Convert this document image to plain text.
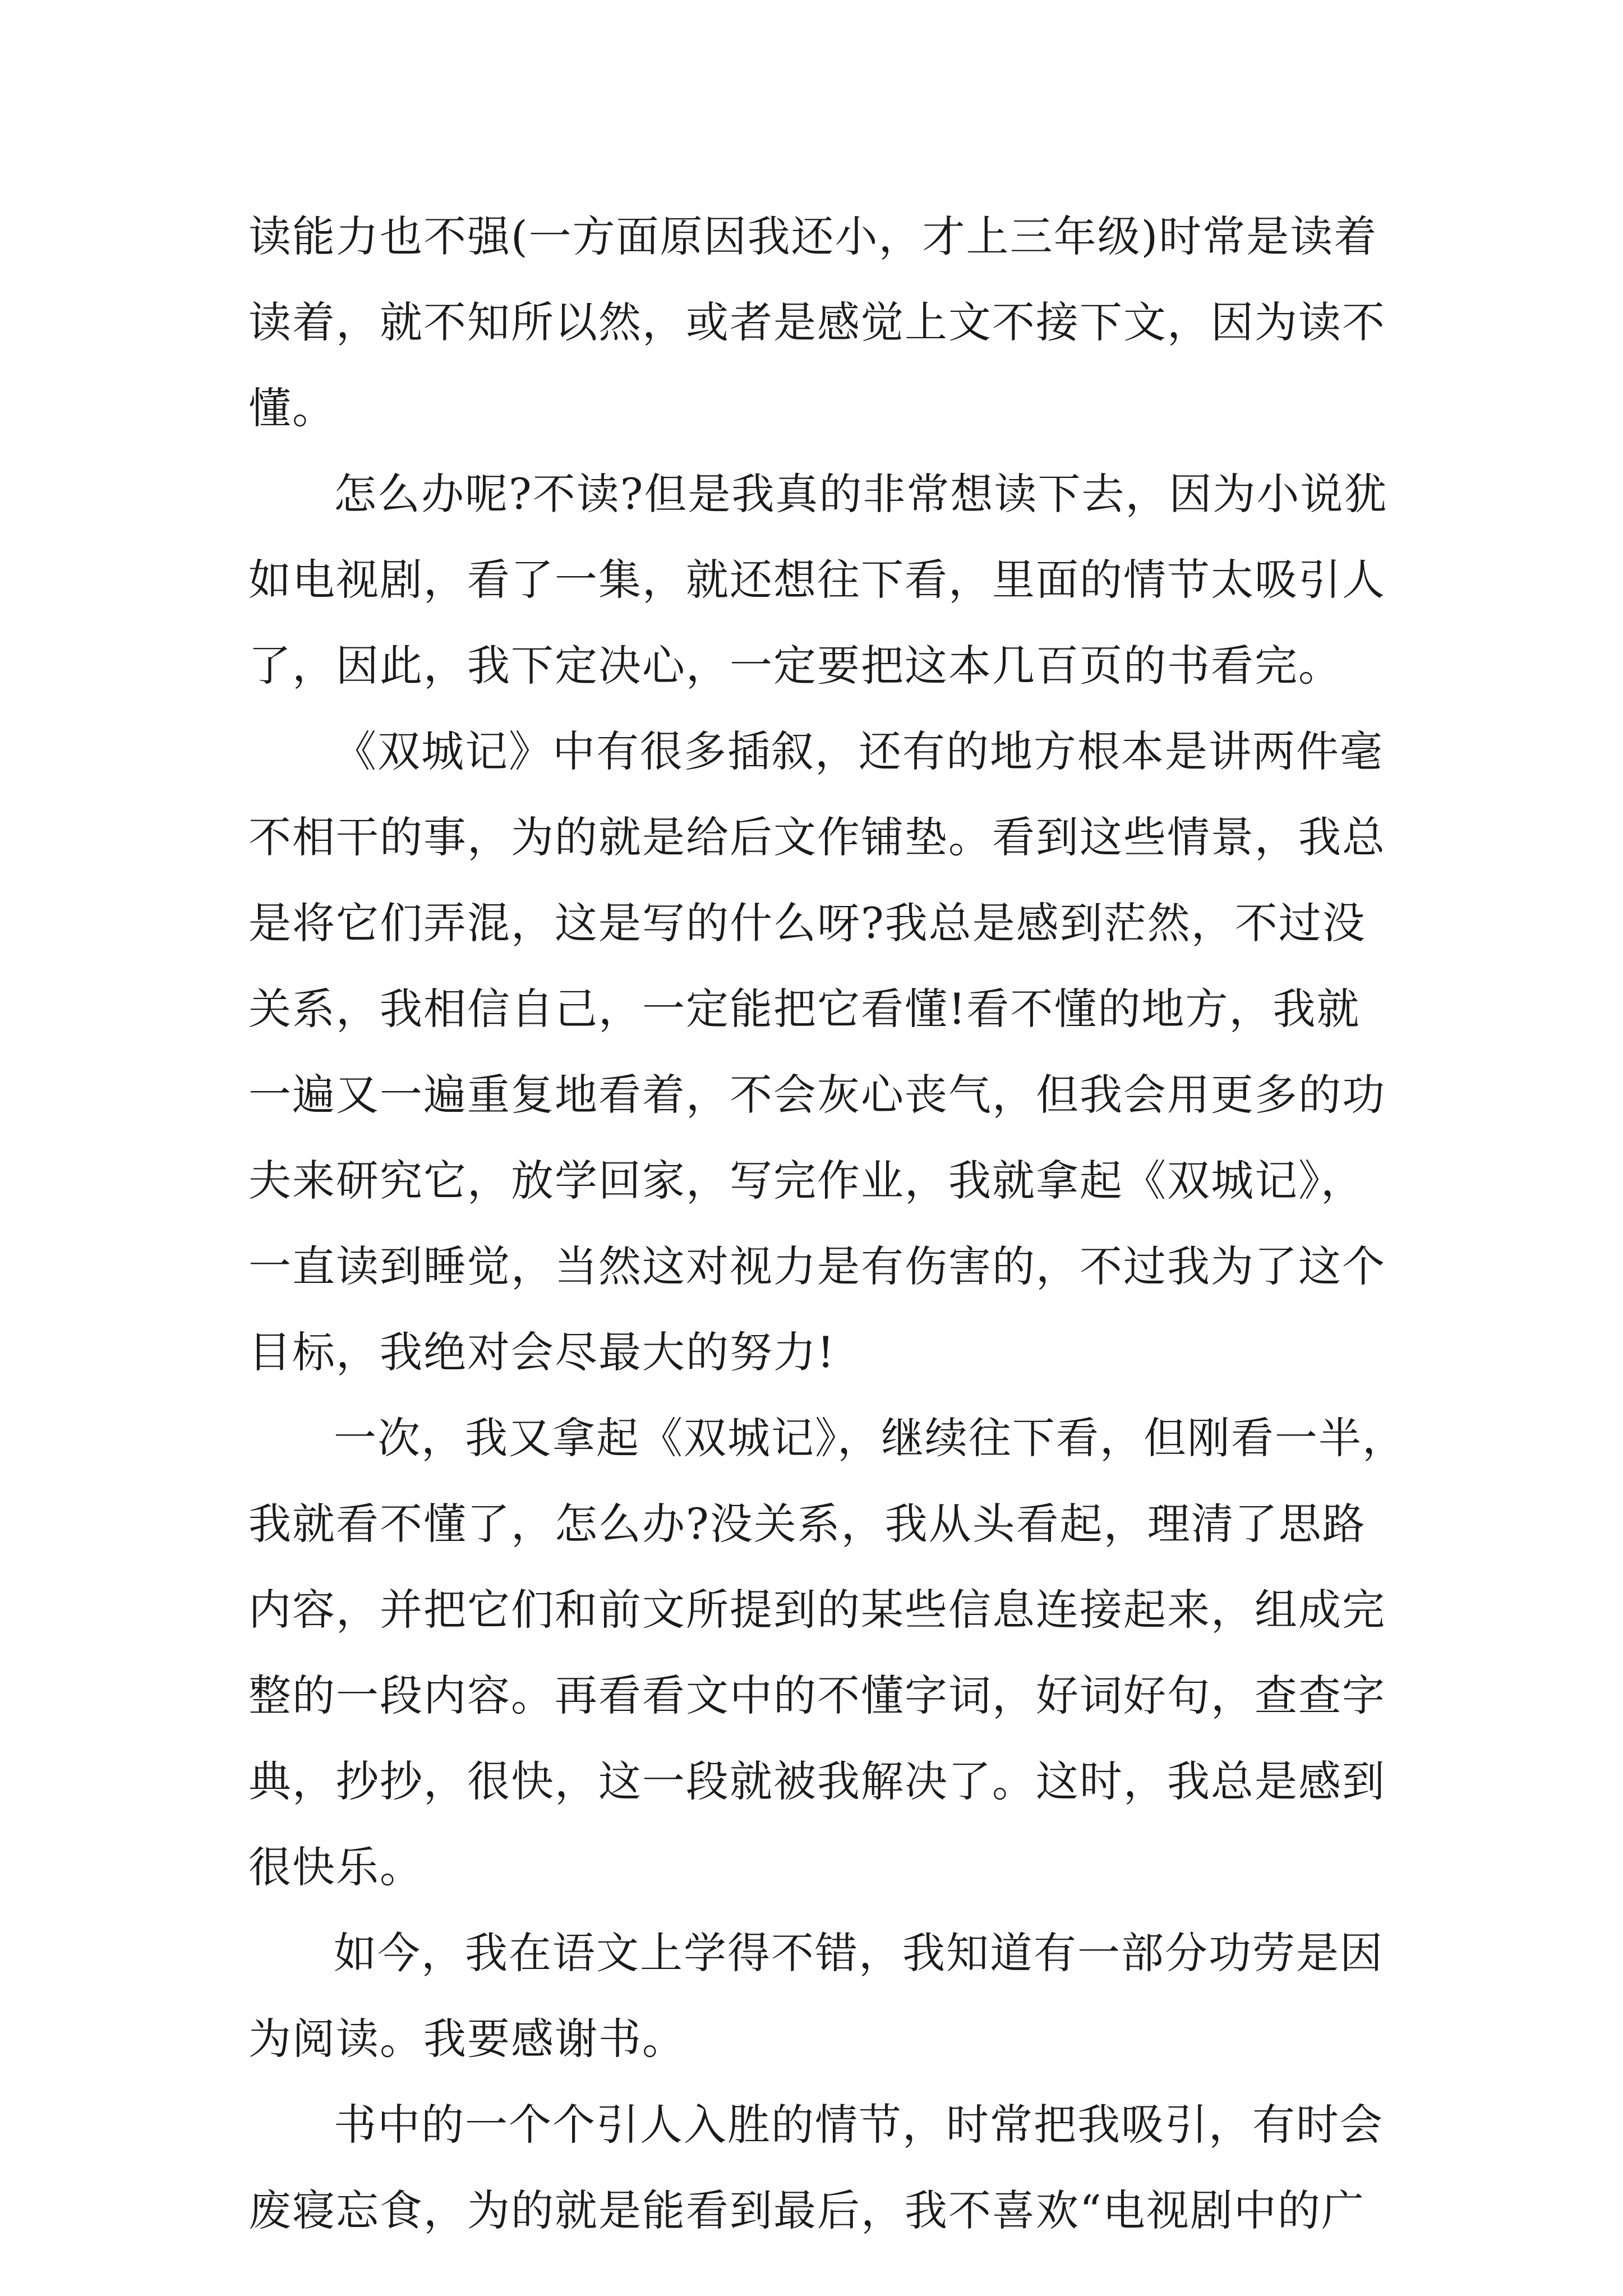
读能力也不强(一方面原因我还小，才上三年级)时常是读着
读着，就不知所以然，或者是感觉上文不接下文，因为读不
懂。
怎么办呢?不读?但是我真的非常想读下去，因为小说犹
如电视剧，看了一集，就还想往下看，里面的情节太吸引人
了，因此，我下定决心，一定要把这本几百页的书看完。
《双城记》中有很多插叙，还有的地方根本是讲两件毫
不相干的事，为的就是给后文作铺垫。看到这些情景，我总
是将它们弄混，这是写的什么呀?我总是感到茫然，不过没
关系，我相信自己，一定能把它看懂!看不懂的地方，我就
一遍又一遍重复地看着，不会灰心丧气，但我会用更多的功
夫来研究它，放学回家，写完作业，我就拿起《双城记》，
一直读到睡觉，当然这对视力是有伤害的，不过我为了这个
目标，我绝对会尽最大的努力!
一次，我又拿起《双城记》，继续往下看，但刚看一半，
我就看不懂了，怎么办?没关系，我从头看起，理清了思路
内容，并把它们和前文所提到的某些信息连接起来，组成完
整的一段内容。再看看文中的不懂字词，好词好句，查查字
典，抄抄，很快，这一段就被我解决了。这时，我总是感到
很快乐。
如今，我在语文上学得不错，我知道有一部分功劳是因
为阅读。我要感谢书。
书中的一个个引人入胜的情节，时常把我吸引，有时会
废寝忘食，为的就是能看到最后，我不喜欢“电视剧中的广
